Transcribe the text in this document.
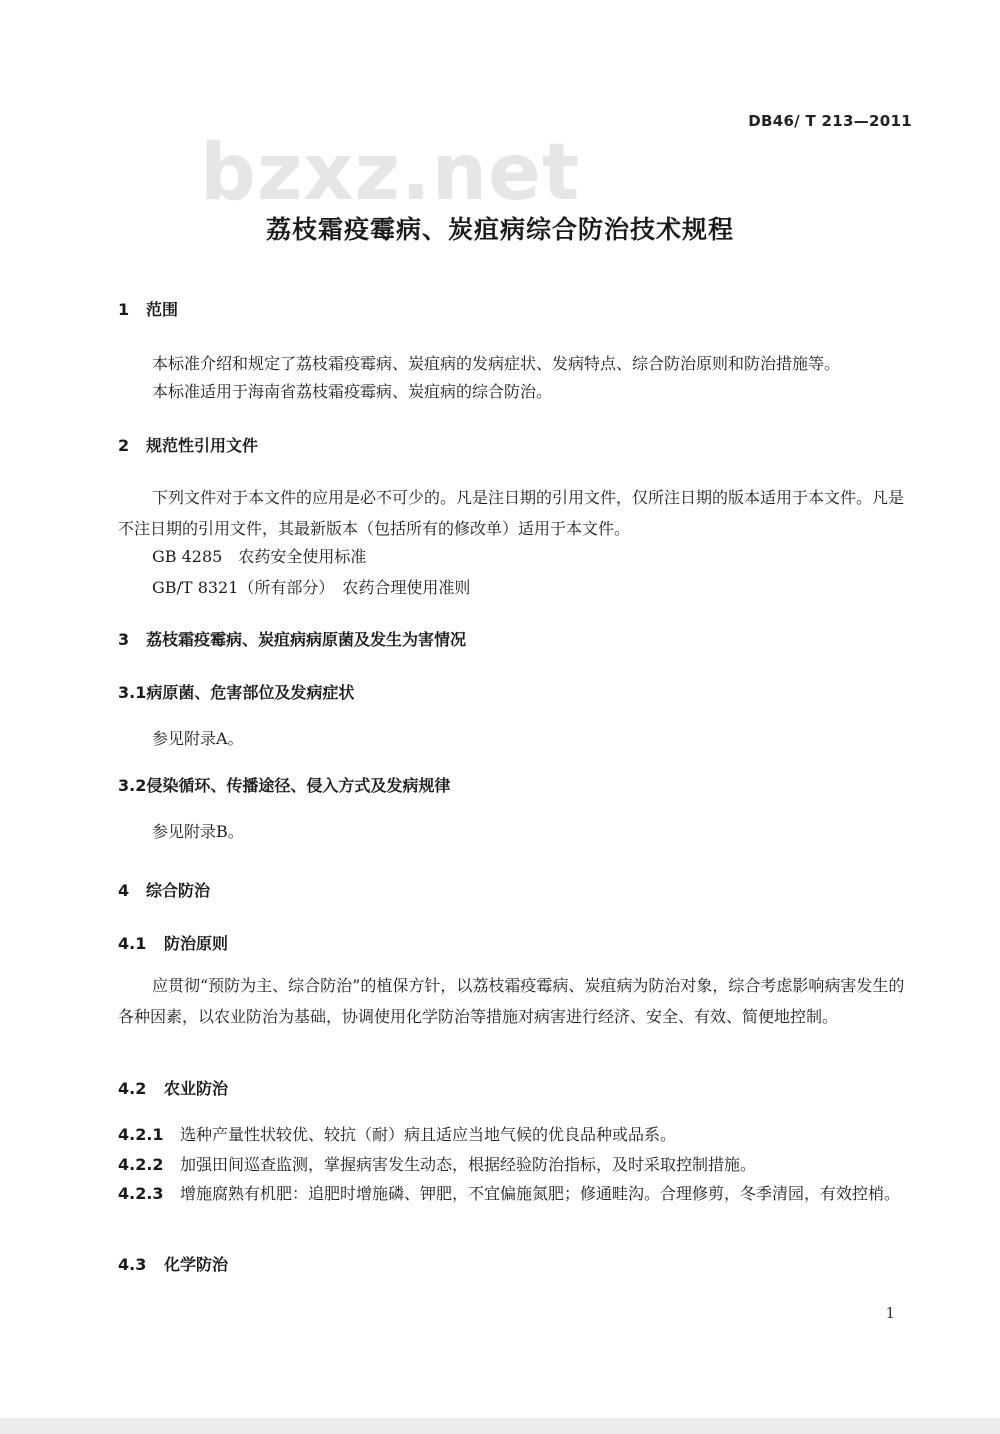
bzxz.net
DB46/ T 213—2011
荔枝霜疫霉病、炭疽病综合防治技术规程
1 范围
本标准介绍和规定了荔枝霜疫霉病、炭疽病的发病症状、发病特点、综合防治原则和防治措施等。
本标准适用于海南省荔枝霜疫霉病、炭疽病的综合防治。
2 规范性引用文件
下列文件对于本文件的应用是必不可少的。凡是注日期的引用文件，仅所注日期的版本适用于本文件。凡是不注日期的引用文件，其最新版本（包括所有的修改单）适用于本文件。
GB 4285　农药安全使用标准
GB/T 8321（所有部分）　农药合理使用准则
3 荔枝霜疫霉病、炭疽病病原菌及发生为害情况
3.1病原菌、危害部位及发病症状
参见附录A。
3.2侵染循环、传播途径、侵入方式及发病规律
参见附录B。
4 综合防治
4.1 防治原则
应贯彻“预防为主、综合防治”的植保方针，以荔枝霜疫霉病、炭疽病为防治对象，综合考虑影响病害发生的各种因素，以农业防治为基础，协调使用化学防治等措施对病害进行经济、安全、有效、简便地控制。
4.2 农业防治
4.2.1 选种产量性状较优、较抗（耐）病且适应当地气候的优良品种或品系。
4.2.2 加强田间巡查监测，掌握病害发生动态，根据经验防治指标，及时采取控制措施。
4.2.3 增施腐熟有机肥：追肥时增施磷、钾肥，不宜偏施氮肥；修通畦沟。合理修剪，冬季清园，有效控梢。
4.3 化学防治
1
